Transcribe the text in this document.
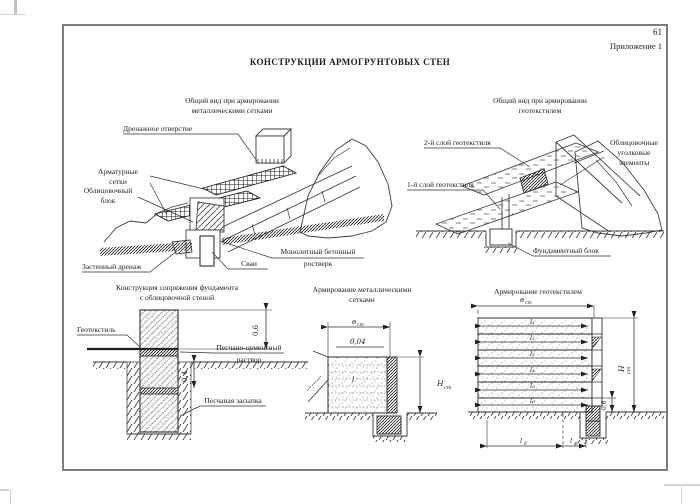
0,6
0,4
в ст
0,04
l	H ст
в ст
l₁
l₂
l₃
l₄
l₅
l₆
H ст
0,6
l б	l ф
61
Приложение 1
КОНСТРУКЦИИ АРМОГРУНТОВЫХ СТЕН
Общий вид при армировании
металлическими сетками
Дренажное отверстие
Арматурные
сетки
Облицовочный
блок
Застенный дренаж	Сваи
Монолитный бетонный
ростверк
Общий вид при армировании
геотекстилем
2-й слой геотекстиля
1-й слой геотекстиля
Облицовочные
уголковые
элементы
Фундаментный блок
Конструкция сопряжения фундамента
с облицовочной стеной
Геотекстиль
Песчано-цементный
раствор
Песчаная засыпка
Армирование металлическими
сетками
Армирование геотекстилем
